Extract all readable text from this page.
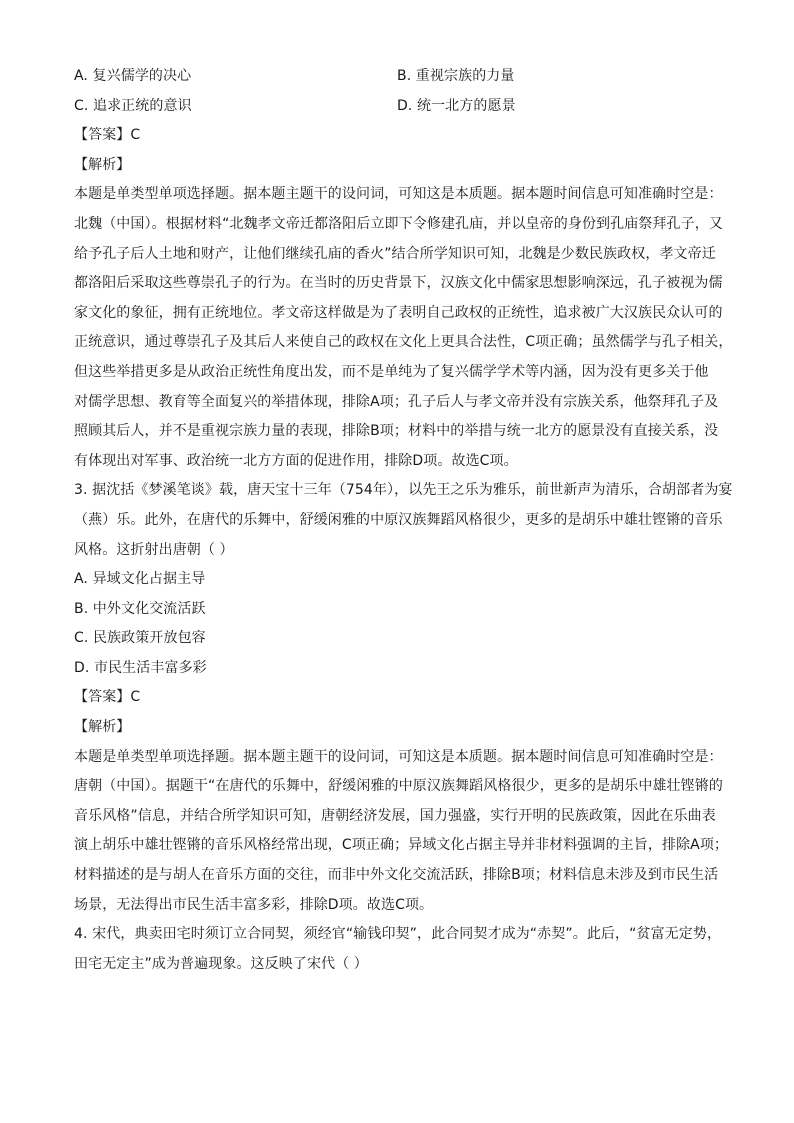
A. 复兴儒学的决心	B. 重视宗族的力量
C. 追求正统的意识	D. 统一北方的愿景
【答案】C
【解析】
本题是单类型单项选择题。据本题主题干的设问词，可知这是本质题。据本题时间信息可知准确时空是：
北魏（中国）。根据材料“北魏孝文帝迁都洛阳后立即下令修建孔庙，并以皇帝的身份到孔庙祭拜孔子，又
给予孔子后人土地和财产，让他们继续孔庙的香火”结合所学知识可知，北魏是少数民族政权，孝文帝迁
都洛阳后采取这些尊崇孔子的行为。在当时的历史背景下，汉族文化中儒家思想影响深远，孔子被视为儒
家文化的象征，拥有正统地位。孝文帝这样做是为了表明自己政权的正统性，追求被广大汉族民众认可的
正统意识，通过尊崇孔子及其后人来使自己的政权在文化上更具合法性，C项正确；虽然儒学与孔子相关，
但这些举措更多是从政治正统性角度出发，而不是单纯为了复兴儒学学术等内涵，因为没有更多关于他
对儒学思想、教育等全面复兴的举措体现，排除A项；孔子后人与孝文帝并没有宗族关系，他祭拜孔子及
照顾其后人，并不是重视宗族力量的表现，排除B项；材料中的举措与统一北方的愿景没有直接关系，没
有体现出对军事、政治统一北方方面的促进作用，排除D项。故选C项。
3. 据沈括《梦溪笔谈》载，唐天宝十三年（754年），以先王之乐为雅乐，前世新声为清乐，合胡部者为宴
（燕）乐。此外，在唐代的乐舞中，舒缓闲雅的中原汉族舞蹈风格很少，更多的是胡乐中雄壮铿锵的音乐
风格。这折射出唐朝（ ）
A. 异域文化占据主导
B. 中外文化交流活跃
C. 民族政策开放包容
D. 市民生活丰富多彩
【答案】C
【解析】
本题是单类型单项选择题。据本题主题干的设问词，可知这是本质题。据本题时间信息可知准确时空是：
唐朝（中国）。据题干“在唐代的乐舞中，舒缓闲雅的中原汉族舞蹈风格很少，更多的是胡乐中雄壮铿锵的
音乐风格”信息，并结合所学知识可知，唐朝经济发展，国力强盛，实行开明的民族政策，因此在乐曲表
演上胡乐中雄壮铿锵的音乐风格经常出现，C项正确；异域文化占据主导并非材料强调的主旨，排除A项；
材料描述的是与胡人在音乐方面的交往，而非中外文化交流活跃，排除B项；材料信息未涉及到市民生活
场景，无法得出市民生活丰富多彩，排除D项。故选C项。
4. 宋代，典卖田宅时须订立合同契，须经官“输钱印契”，此合同契才成为“赤契”。此后，“贫富无定势，
田宅无定主”成为普遍现象。这反映了宋代（ ）
